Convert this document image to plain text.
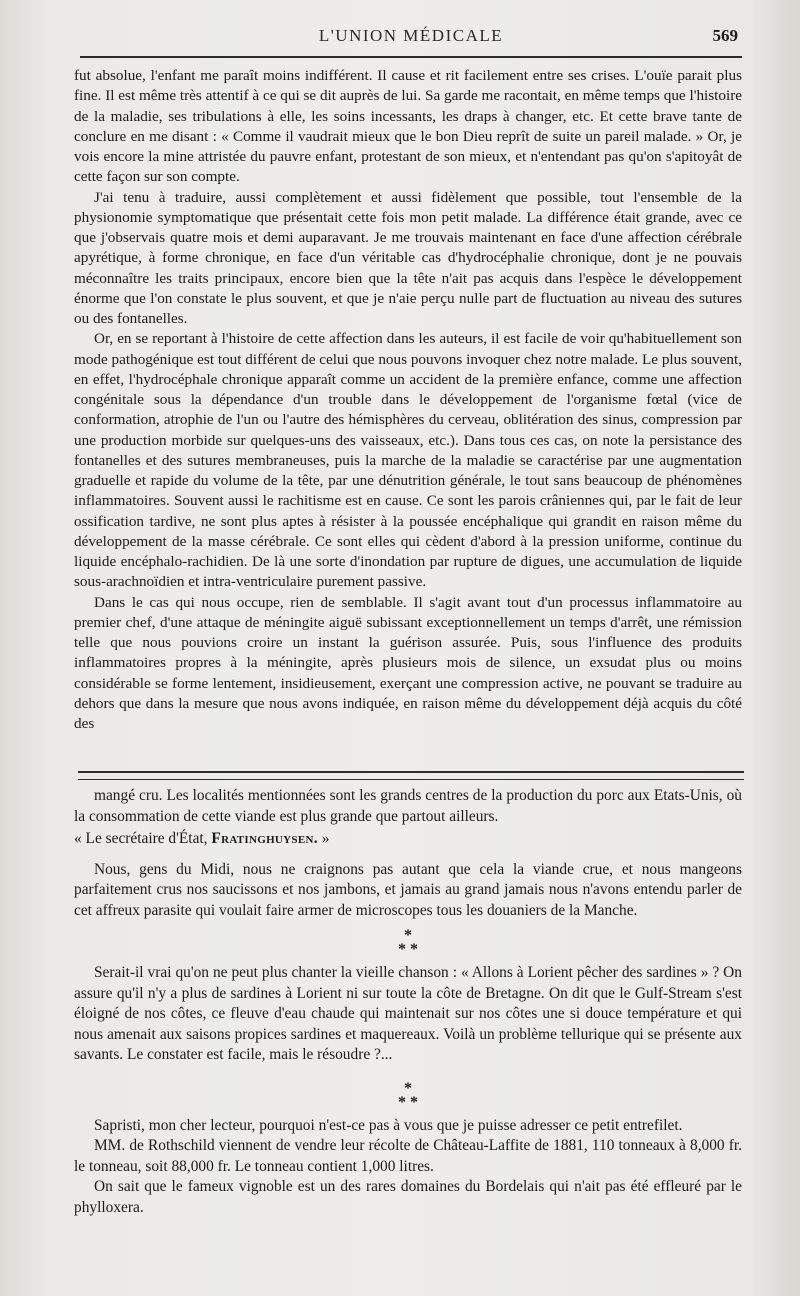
L'UNION MÉDICALE	569

fut absolue, l'enfant me paraît moins indifférent. Il cause et rit facilement entre ses crises. L'ouïe parait plus fine. Il est même très attentif à ce qui se dit auprès de lui. Sa garde me racontait, en même temps que l'histoire de la maladie, ses tribulations à elle, les soins incessants, les draps à changer, etc. Et cette brave tante de conclure en me disant : « Comme il vaudrait mieux que le bon Dieu reprît de suite un pareil malade. » Or, je vois encore la mine attristée du pauvre enfant, protestant de son mieux, et n'entendant pas qu'on s'apitoyât de cette façon sur son compte.

J'ai tenu à traduire, aussi complètement et aussi fidèlement que possible, tout l'ensemble de la physionomie symptomatique que présentait cette fois mon petit malade. La différence était grande, avec ce que j'observais quatre mois et demi auparavant. Je me trouvais maintenant en face d'une affection cérébrale apyrétique, à forme chronique, en face d'un véritable cas d'hydrocéphalie chronique, dont je ne pouvais méconnaître les traits principaux, encore bien que la tête n'ait pas acquis dans l'espèce le développement énorme que l'on constate le plus souvent, et que je n'aie perçu nulle part de fluctuation au niveau des sutures ou des fontanelles.

Or, en se reportant à l'histoire de cette affection dans les auteurs, il est facile de voir qu'habituellement son mode pathogénique est tout différent de celui que nous pouvons invoquer chez notre malade. Le plus souvent, en effet, l'hydrocéphale chronique apparaît comme un accident de la première enfance, comme une affection congénitale sous la dépendance d'un trouble dans le développement de l'organisme fœtal (vice de conformation, atrophie de l'un ou l'autre des hémisphères du cerveau, oblitération des sinus, compression par une production morbide sur quelques-uns des vaisseaux, etc.). Dans tous ces cas, on note la persistance des fontanelles et des sutures membraneuses, puis la marche de la maladie se caractérise par une augmentation graduelle et rapide du volume de la tête, par une dénutrition générale, le tout sans beaucoup de phénomènes inflammatoires. Souvent aussi le rachitisme est en cause. Ce sont les parois crâniennes qui, par le fait de leur ossification tardive, ne sont plus aptes à résister à la poussée encéphalique qui grandit en raison même du développement de la masse cérébrale. Ce sont elles qui cèdent d'abord à la pression uniforme, continue du liquide encéphalo-rachidien. De là une sorte d'inondation par rupture de digues, une accumulation de liquide sous-arachnoïdien et intra-ventriculaire purement passive.

Dans le cas qui nous occupe, rien de semblable. Il s'agit avant tout d'un processus inflammatoire au premier chef, d'une attaque de méningite aiguë subissant exceptionnellement un temps d'arrêt, une rémission telle que nous pouvions croire un instant la guérison assurée. Puis, sous l'influence des produits inflammatoires propres à la méningite, après plusieurs mois de silence, un exsudat plus ou moins considérable se forme lentement, insidieusement, exerçant une compression active, ne pouvant se traduire au dehors que dans la mesure que nous avons indiquée, en raison même du développement déjà acquis du côté des

mangé cru. Les localités mentionnées sont les grands centres de la production du porc aux Etats-Unis, où la consommation de cette viande est plus grande que partout ailleurs.

« Le secrétaire d'État, Fratinghuysen. »

Nous, gens du Midi, nous ne craignons pas autant que cela la viande crue, et nous mangeons parfaitement crus nos saucissons et nos jambons, et jamais au grand jamais nous n'avons entendu parler de cet affreux parasite qui voulait faire armer de microscopes tous les douaniers de la Manche.

*
* *

Serait-il vrai qu'on ne peut plus chanter la vieille chanson : « Allons à Lorient pêcher des sardines » ? On assure qu'il n'y a plus de sardines à Lorient ni sur toute la côte de Bretagne. On dit que le Gulf-Stream s'est éloigné de nos côtes, ce fleuve d'eau chaude qui maintenait sur nos côtes une si douce température et qui nous amenait aux saisons propices sardines et maquereaux. Voilà un problème tellurique qui se présente aux savants. Le constater est facile, mais le résoudre ?...

*
* *

Sapristi, mon cher lecteur, pourquoi n'est-ce pas à vous que je puisse adresser ce petit entrefilet.

MM. de Rothschild viennent de vendre leur récolte de Château-Laffite de 1881, 110 tonneaux à 8,000 fr. le tonneau, soit 88,000 fr. Le tonneau contient 1,000 litres.

On sait que le fameux vignoble est un des rares domaines du Bordelais qui n'ait pas été effleuré par le phylloxera.
